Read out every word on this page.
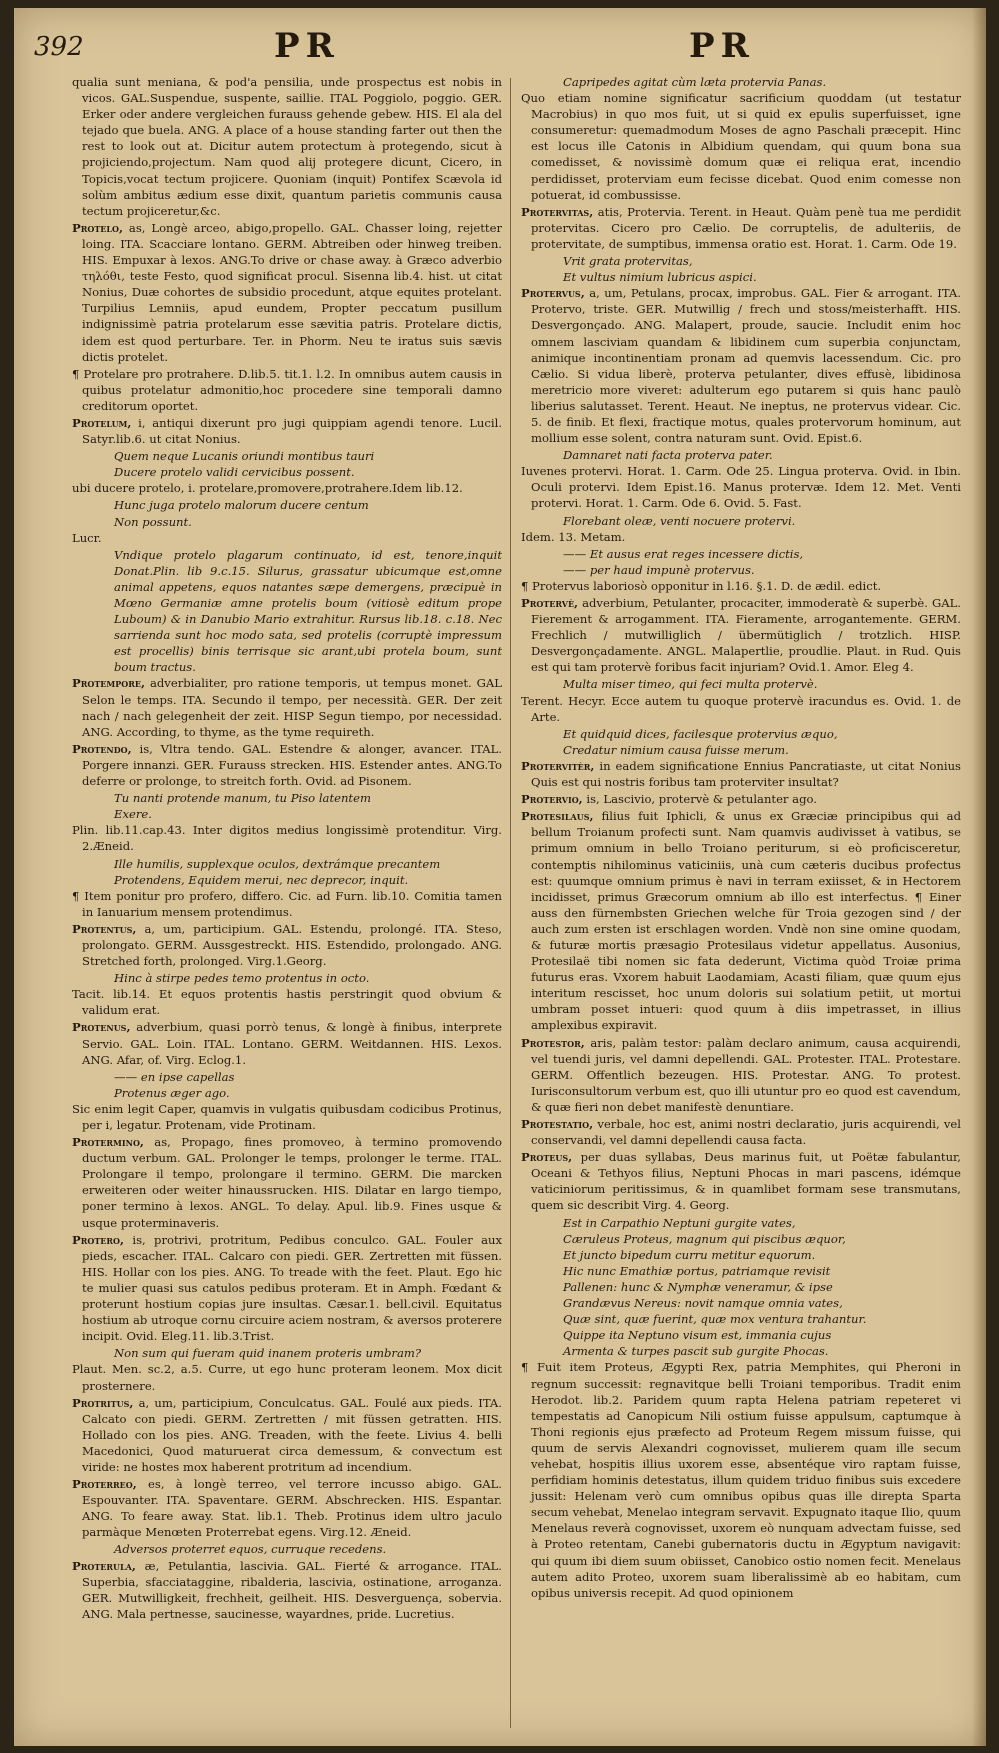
392	PR	PR
qualia sunt meniana, & pod'a pensilia, unde prospectus est nobis in vicos. GAL.Suspendue, suspente, saillie. ITAL Poggiolo, poggio. GER. Erker oder andere vergleichen furauss gehende gebew. HIS. El ala del tejado que buela. ANG. A place of a house standing farter out then the rest to look out at. Dicitur autem protectum à protegendo, sicut à projiciendo,projectum. Nam quod alij protegere dicunt, Cicero, in Topicis,vocat tectum projicere. Quoniam (inquit) Pontifex Scævola id solùm ambitus ædium esse dixit, quantum parietis communis causa tectum projiceretur,&c.
Protelo, as, Longè arceo, abigo,propello. GAL. Chasser loing, rejetter loing. ITA. Scacciare lontano. GERM. Abtreiben oder hinweg treiben. HIS. Empuxar à lexos. ANG.To drive or chase away. à Græco adverbio τηλόθι, teste Festo, quod significat procul. Sisenna lib.4. hist. ut citat Nonius, Duæ cohortes de subsidio procedunt, atque equites protelant. Turpilius Lemniis, apud eundem, Propter peccatum pusillum indignissimè patria protelarum esse sævitia patris. Protelare dictis, idem est quod perturbare. Ter. in Phorm. Neu te iratus suis sævis dictis protelet.
¶ Protelare pro protrahere. D.lib.5. tit.1. l.2. In omnibus autem causis in quibus protelatur admonitio,hoc procedere sine temporali damno creditorum oportet.
Protelum, i, antiqui dixerunt pro jugi quippiam agendi tenore. Lucil. Satyr.lib.6. ut citat Nonius.
Quem neque Lucanis oriundi montibus tauri
Ducere protelo validi cervicibus possent.
ubi ducere protelo, i. protelare,promovere,protrahere.Idem lib.12.
Hunc juga protelo malorum ducere centum
Non possunt.
Lucr.
Vndique protelo plagarum continuato, id est, tenore,inquit Donat.Plin. lib 9.c.15. Silurus, grassatur ubicumque est,omne animal appetens, equos natantes sæpe demergens, præcipuè in Mœno Germaniæ amne protelis boum (vitiosè editum prope Luboum) & in Danubio Mario extrahitur. Rursus lib.18. c.18. Nec sarrienda sunt hoc modo sata, sed protelis (corruptè impressum est procellis) binis terrisque sic arant,ubi protela boum, sunt boum tractus.
Protempore, adverbialiter, pro ratione temporis, ut tempus monet. GAL Selon le temps. ITA. Secundo il tempo, per necessità. GER. Der zeit nach / nach gelegenheit der zeit. HISP Segun tiempo, por necessidad. ANG. According, to thyme, as the tyme requireth.
Protendo, is, Vltra tendo. GAL. Estendre & alonger, avancer. ITAL. Porgere innanzi. GER. Furauss strecken. HIS. Estender antes. ANG.To deferre or prolonge, to streitch forth. Ovid. ad Pisonem.
Tu nanti protende manum, tu Piso latentem
Exere.
Plin. lib.11.cap.43. Inter digitos medius longissimè protenditur. Virg. 2.Æneid.
Ille humilis, supplexque oculos, dextrámque precantem
Protendens, Equidem merui, nec deprecor, inquit.
¶ Item ponitur pro profero, differo. Cic. ad Furn. lib.10. Comitia tamen in Ianuarium mensem protendimus.
Protentus, a, um, participium. GAL. Estendu, prolongé. ITA. Steso, prolongato. GERM. Aussgestreckt. HIS. Estendido, prolongado. ANG. Stretched forth, prolonged. Virg.1.Georg.
Hinc à stirpe pedes temo protentus in octo.
Tacit. lib.14. Et equos protentis hastis perstringit quod obvium & validum erat.
Protenus, adverbium, quasi porrò tenus, & longè à finibus, interprete Servio. GAL. Loin. ITAL. Lontano. GERM. Weitdannen. HIS. Lexos. ANG. Afar, of. Virg. Eclog.1.
—— en ipse capellas
Protenus æger ago.
Sic enim legit Caper, quamvis in vulgatis quibusdam codicibus Protinus, per i, legatur. Protenam, vide Protinam.
Protermino, as, Propago, fines promoveo, à termino promovendo ductum verbum. GAL. Prolonger le temps, prolonger le terme. ITAL. Prolongare il tempo, prolongare il termino. GERM. Die marcken erweiteren oder weiter hinaussrucken. HIS. Dilatar en largo tiempo, poner termino à lexos. ANGL. To delay. Apul. lib.9. Fines usque & usque proterminaveris.
Protero, is, protrivi, protritum, Pedibus conculco. GAL. Fouler aux pieds, escacher. ITAL. Calcaro con piedi. GER. Zertretten mit füssen. HIS. Hollar con los pies. ANG. To treade with the feet. Plaut. Ego hic te mulier quasi sus catulos pedibus proteram. Et in Amph. Fœdant & proterunt hostium copias jure insultas. Cæsar.1. bell.civil. Equitatus hostium ab utroque cornu circuire aciem nostram, & aversos proterere incipit. Ovid. Eleg.11. lib.3.Trist.
Non sum qui fueram quid inanem proteris umbram?
Plaut. Men. sc.2, a.5. Curre, ut ego hunc proteram leonem. Mox dicit prosternere.
Protritus, a, um, participium, Conculcatus. GAL. Foulé aux pieds. ITA. Calcato con piedi. GERM. Zertretten / mit füssen getratten. HIS. Hollado con los pies. ANG. Treaden, with the feete. Livius 4. belli Macedonici, Quod maturuerat circa demessum, & convectum est viride: ne hostes mox haberent protritum ad incendium.
Proterreo, es, à longè terreo, vel terrore incusso abigo. GAL. Espouvanter. ITA. Spaventare. GERM. Abschrecken. HIS. Espantar. ANG. To feare away. Stat. lib.1. Theb. Protinus idem ultro jaculo parmàque Menœten Proterrebat egens. Virg.12. Æneid.
Adversos proterret equos, curruque recedens.
Proterula, æ, Petulantia, lascivia. GAL. Fierté & arrogance. ITAL. Superbia, sfacciataggine, ribalderia, lascivia, ostinatione, arroganza. GER. Mutwilligkeit, frechheit, geilheit. HIS. Desverguença, sobervia. ANG. Mala pertnesse, saucinesse, wayardnes, pride. Lucretius.
Capripedes agitat cùm læta protervia Panas.
Quo etiam nomine significatur sacrificium quoddam (ut testatur Macrobius) in quo mos fuit, ut si quid ex epulis superfuisset, igne consumeretur: quemadmodum Moses de agno Paschali præcepit. Hinc est locus ille Catonis in Albidium quendam, qui quum bona sua comedisset, & novissimè domum quæ ei reliqua erat, incendio perdidisset, proterviam eum fecisse dicebat. Quod enim comesse non potuerat, id combussisse.
Protervitas, atis, Protervia. Terent. in Heaut. Quàm penè tua me perdidit protervitas. Cicero pro Cælio. De corruptelis, de adulteriis, de protervitate, de sumptibus, immensa oratio est. Horat. 1. Carm. Ode 19.
Vrit grata protervitas,
Et vultus nimium lubricus aspici.
Protervus, a, um, Petulans, procax, improbus. GAL. Fier & arrogant. ITA. Protervo, triste. GER. Mutwillig / frech und stoss/meisterhafft. HIS. Desvergonçado. ANG. Malapert, proude, saucie. Includit enim hoc omnem lasciviam quandam & libidinem cum superbia conjunctam, animique incontinentiam pronam ad quemvis lacessendum. Cic. pro Cælio. Si vidua liberè, proterva petulanter, dives effusè, libidinosa meretricio more viveret: adulterum ego putarem si quis hanc paulò liberius salutasset. Terent. Heaut. Ne ineptus, ne protervus videar. Cic. 5. de finib. Et flexi, fractique motus, quales protervorum hominum, aut mollium esse solent, contra naturam sunt. Ovid. Epist.6.
Damnaret nati facta proterva pater.
Iuvenes protervi. Horat. 1. Carm. Ode 25. Lingua proterva. Ovid. in Ibin. Oculi protervi. Idem Epist.16. Manus protervæ. Idem 12. Met. Venti protervi. Horat. 1. Carm. Ode 6. Ovid. 5. Fast.
Florebant oleæ, venti nocuere protervi.
Idem. 13. Metam.
—— Et ausus erat reges incessere dictis,
—— per haud impunè protervus.
¶ Protervus laboriosò opponitur in l.16. §.1. D. de ædil. edict.
Protervè, adverbium, Petulanter, procaciter, immoderatè & superbè. GAL. Fierement & arrogamment. ITA. Fieramente, arrogantemente. GERM. Frechlich / mutwilliglich / übermütiglich / trotzlich. HISP. Desvergonçadamente. ANGL. Malapertlie, proudlie. Plaut. in Rud. Quis est qui tam protervè foribus facit injuriam? Ovid.1. Amor. Eleg 4.
Multa miser timeo, qui feci multa protervè.
Terent. Hecyr. Ecce autem tu quoque protervè iracundus es. Ovid. 1. de Arte.
Et quidquid dices, facilesque protervius æquo,
Credatur nimium causa fuisse merum.
Protervitèr, in eadem significatione Ennius Pancratiaste, ut citat Nonius Quis est qui nostris foribus tam proterviter insultat?
Protervio, is, Lascivio, protervè & petulanter ago.
Protesilaus, filius fuit Iphicli, & unus ex Græciæ principibus qui ad bellum Troianum profecti sunt. Nam quamvis audivisset à vatibus, se primum omnium in bello Troiano periturum, si eò proficisceretur, contemptis nihilominus vaticiniis, unà cum cæteris ducibus profectus est: quumque omnium primus è navi in terram exiisset, & in Hectorem incidisset, primus Græcorum omnium ab illo est interfectus. ¶ Einer auss den fürnembsten Griechen welche für Troia gezogen sind / der auch zum ersten ist erschlagen worden. Vndè non sine omine quodam, & futuræ mortis præsagio Protesilaus videtur appellatus. Ausonius, Protesilaë tibi nomen sic fata dederunt, Victima quòd Troiæ prima futurus eras. Vxorem habuit Laodamiam, Acasti filiam, quæ quum ejus interitum rescisset, hoc unum doloris sui solatium petiit, ut mortui umbram posset intueri: quod quum à diis impetrasset, in illius amplexibus expiravit.
Protestor, aris, palàm testor: palàm declaro animum, causa acquirendi, vel tuendi juris, vel damni depellendi. GAL. Protester. ITAL. Protestare. GERM. Offentlich bezeugen. HIS. Protestar. ANG. To protest. Iurisconsultorum verbum est, quo illi utuntur pro eo quod est cavendum, & quæ fieri non debet manifestè denuntiare.
Protestatio, verbale, hoc est, animi nostri declaratio, juris acquirendi, vel conservandi, vel damni depellendi causa facta.
Proteus, per duas syllabas, Deus marinus fuit, ut Poëtæ fabulantur, Oceani & Tethyos filius, Neptuni Phocas in mari pascens, idémque vaticiniorum peritissimus, & in quamlibet formam sese transmutans, quem sic describit Virg. 4. Georg.
Est in Carpathio Neptuni gurgite vates,
Cæruleus Proteus, magnum qui piscibus æquor,
Et juncto bipedum curru metitur equorum.
Hic nunc Emathiæ portus, patriamque revisit
Pallenen: hunc & Nymphæ veneramur, & ipse
Grandævus Nereus: novit namque omnia vates,
Quæ sint, quæ fuerint, quæ mox ventura trahantur.
Quippe ita Neptuno visum est, immania cujus
Armenta & turpes pascit sub gurgite Phocas.
¶ Fuit item Proteus, Ægypti Rex, patria Memphites, qui Pheroni in regnum successit: regnavitque belli Troiani temporibus. Tradit enim Herodot. lib.2. Paridem quum rapta Helena patriam repeteret vi tempestatis ad Canopicum Nili ostium fuisse appulsum, captumque à Thoni regionis ejus præfecto ad Proteum Regem missum fuisse, qui quum de servis Alexandri cognovisset, mulierem quam ille secum vehebat, hospitis illius uxorem esse, absentéque viro raptam fuisse, perfidiam hominis detestatus, illum quidem triduo finibus suis excedere jussit: Helenam verò cum omnibus opibus quas ille direpta Sparta secum vehebat, Menelao integram servavit. Expugnato itaque Ilio, quum Menelaus reverà cognovisset, uxorem eò nunquam advectam fuisse, sed à Proteo retentam, Canebi gubernatoris ductu in Ægyptum navigavit: qui quum ibi diem suum obiisset, Canobico ostio nomen fecit. Menelaus autem adito Proteo, uxorem suam liberalissimè ab eo habitam, cum opibus universis recepit. Ad quod opinionem
